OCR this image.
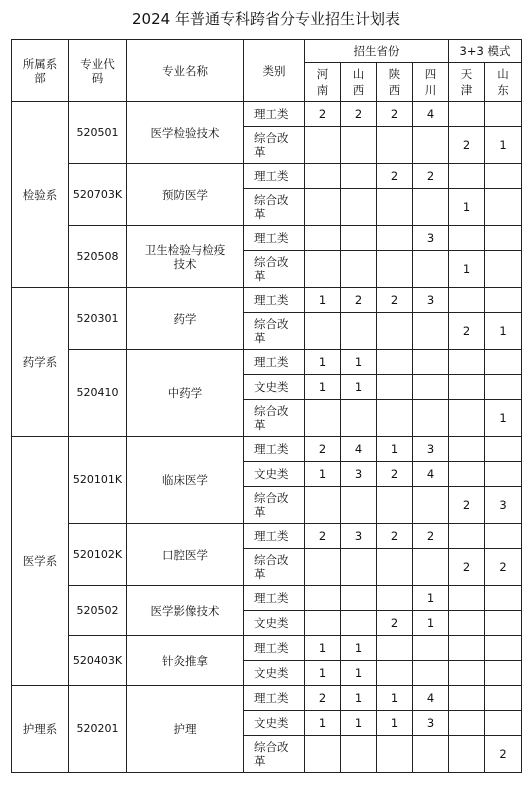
2024 年普通专科跨省分专业招生计划表
所属系部	专业代码	专业名称	类别	招生省份				3+3 模式	
				河南	山西	陕西	四川	天津	山东
检验系	520501	医学检验技术	理工类	2	2	2	4		
			综合改革					2	1
	520703K	预防医学	理工类			2	2		
			综合改革					1	
	520508	卫生检验与检疫技术	理工类				3		
			综合改革					1	
药学系	520301	药学	理工类	1	2	2	3		
			综合改革					2	1
	520410	中药学	理工类	1	1				
			文史类	1	1				
			综合改革						1
医学系	520101K	临床医学	理工类	2	4	1	3		
			文史类	1	3	2	4		
			综合改革					2	3
	520102K	口腔医学	理工类	2	3	2	2		
			综合改革					2	2
	520502	医学影像技术	理工类				1		
			文史类			2	1		
	520403K	针灸推拿	理工类	1	1				
			文史类	1	1				
护理系	520201	护理	理工类	2	1	1	4		
			文史类	1	1	1	3		
			综合改革						2
